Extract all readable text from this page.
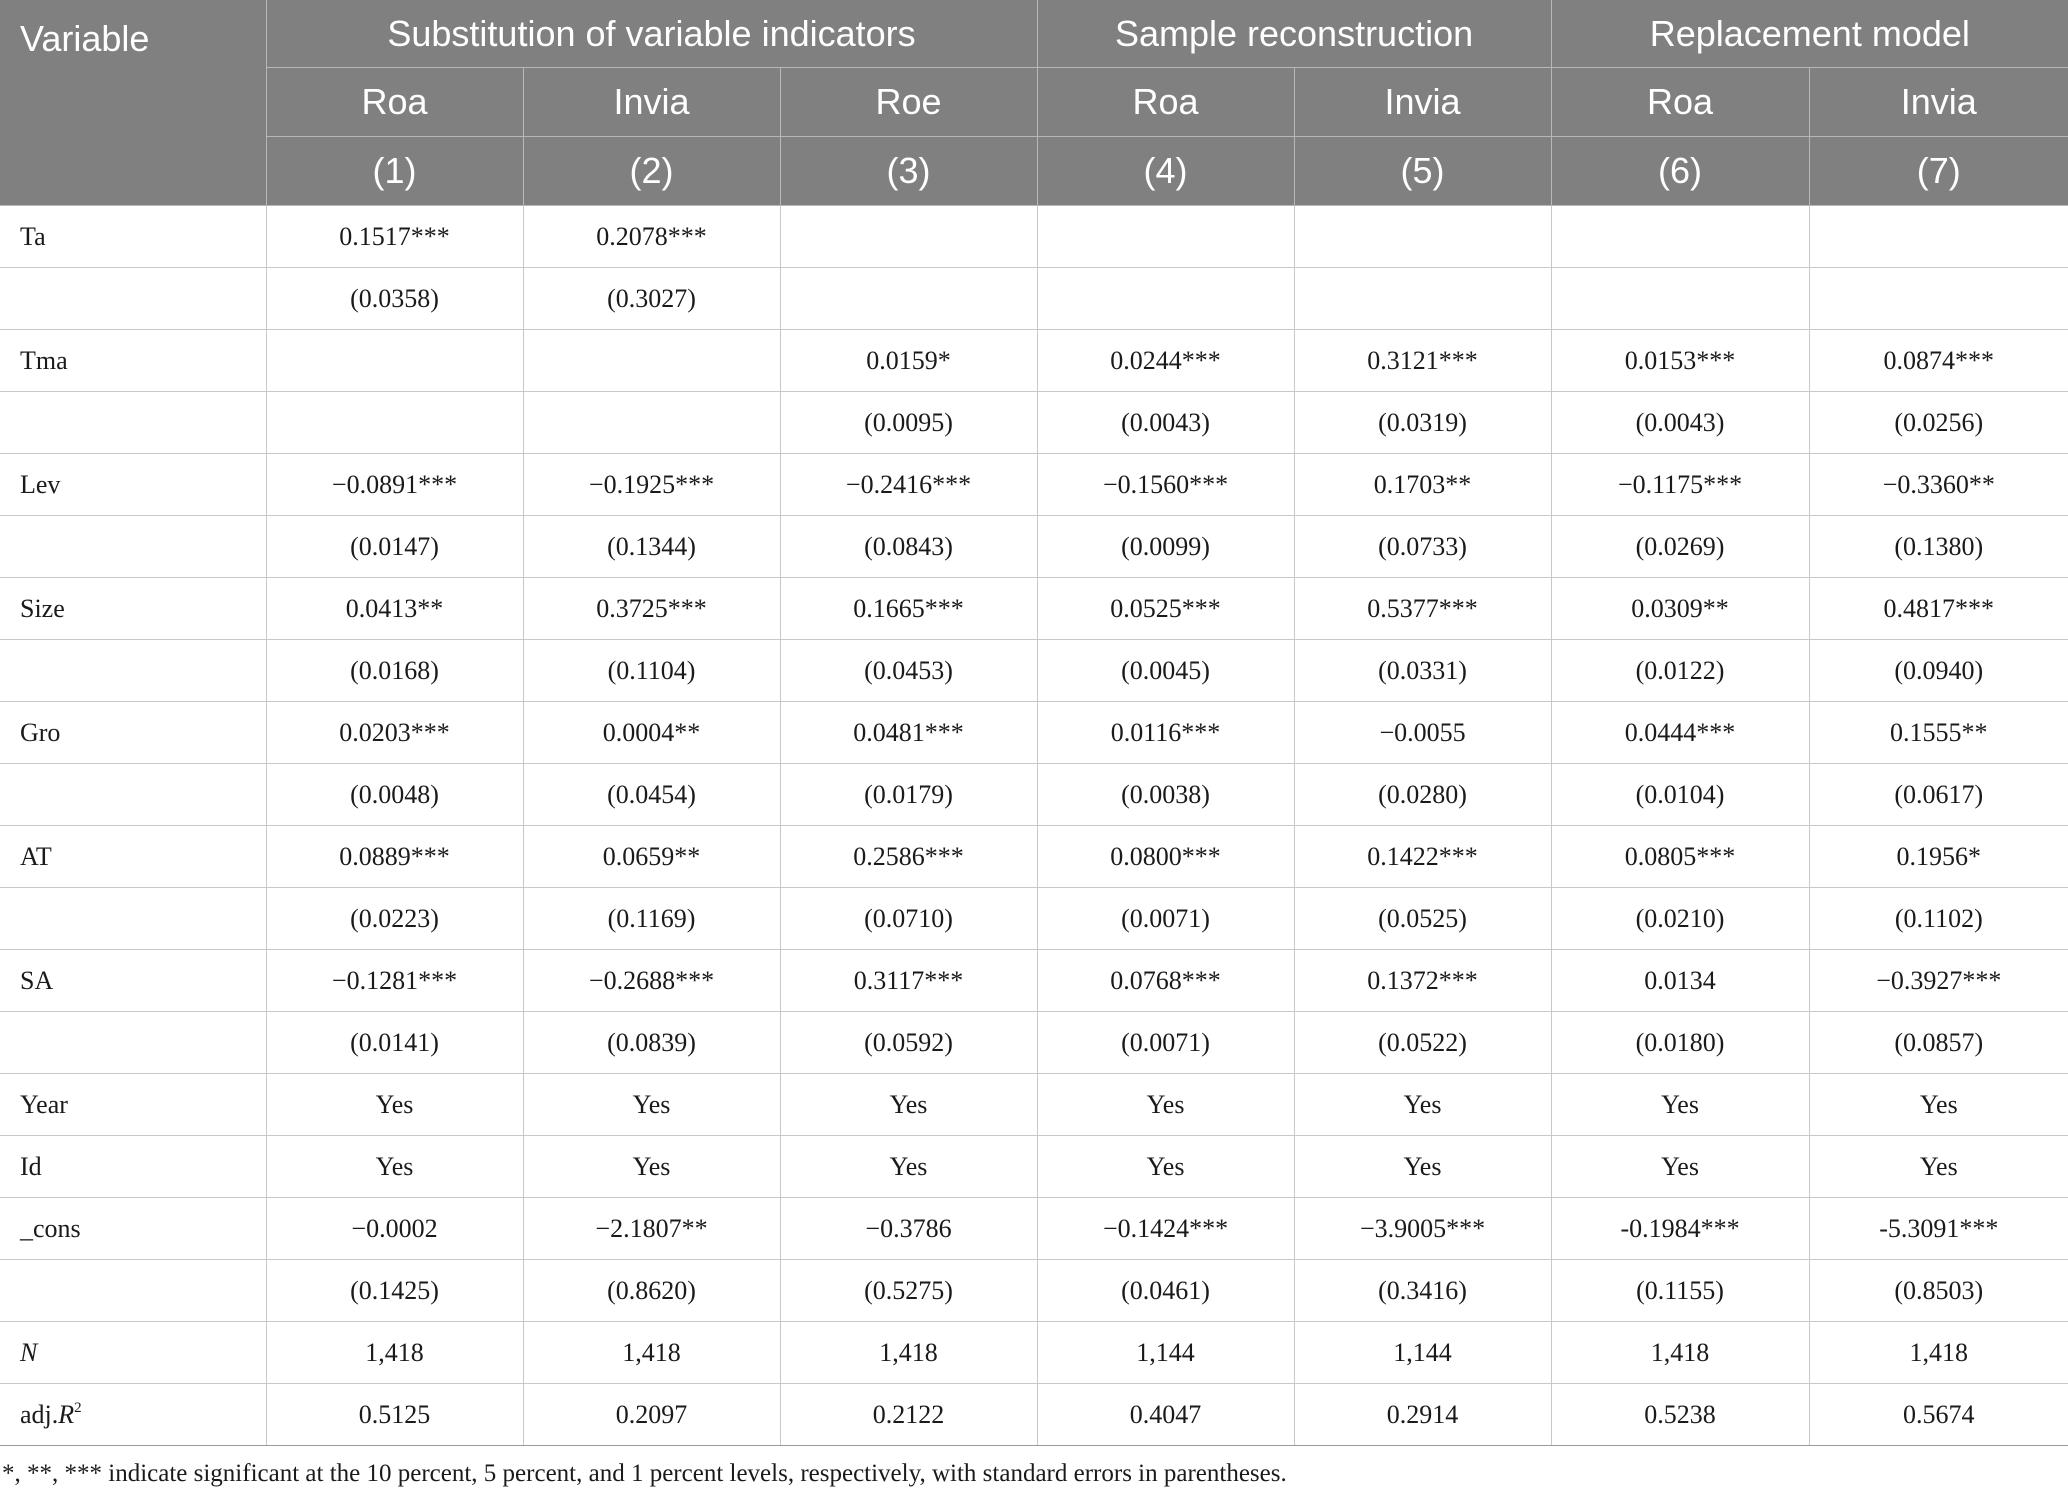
Variable	Substitution of variable indicators			Sample reconstruction		Replacement model	
	Roa	Invia	Roe	Roa	Invia	Roa	Invia
	(1)	(2)	(3)	(4)	(5)	(6)	(7)
Ta	0.1517***	0.2078***					
	(0.0358)	(0.3027)					
Tma			0.0159*	0.0244***	0.3121***	0.0153***	0.0874***
			(0.0095)	(0.0043)	(0.0319)	(0.0043)	(0.0256)
Lev	−0.0891***	−0.1925***	−0.2416***	−0.1560***	0.1703**	−0.1175***	−0.3360**
	(0.0147)	(0.1344)	(0.0843)	(0.0099)	(0.0733)	(0.0269)	(0.1380)
Size	0.0413**	0.3725***	0.1665***	0.0525***	0.5377***	0.0309**	0.4817***
	(0.0168)	(0.1104)	(0.0453)	(0.0045)	(0.0331)	(0.0122)	(0.0940)
Gro	0.0203***	0.0004**	0.0481***	0.0116***	−0.0055	0.0444***	0.1555**
	(0.0048)	(0.0454)	(0.0179)	(0.0038)	(0.0280)	(0.0104)	(0.0617)
AT	0.0889***	0.0659**	0.2586***	0.0800***	0.1422***	0.0805***	0.1956*
	(0.0223)	(0.1169)	(0.0710)	(0.0071)	(0.0525)	(0.0210)	(0.1102)
SA	−0.1281***	−0.2688***	0.3117***	0.0768***	0.1372***	0.0134	−0.3927***
	(0.0141)	(0.0839)	(0.0592)	(0.0071)	(0.0522)	(0.0180)	(0.0857)
Year	Yes	Yes	Yes	Yes	Yes	Yes	Yes
Id	Yes	Yes	Yes	Yes	Yes	Yes	Yes
_cons	−0.0002	−2.1807**	−0.3786	−0.1424***	−3.9005***	-0.1984***	-5.3091***
	(0.1425)	(0.8620)	(0.5275)	(0.0461)	(0.3416)	(0.1155)	(0.8503)
N	1,418	1,418	1,418	1,144	1,144	1,418	1,418
$adj.R^2$	0.5125	0.2097	0.2122	0.4047	0.2914	0.5238	0.5674
*, **, *** indicate significant at the 10 percent, 5 percent, and 1 percent levels, respectively, with standard errors in parentheses.
